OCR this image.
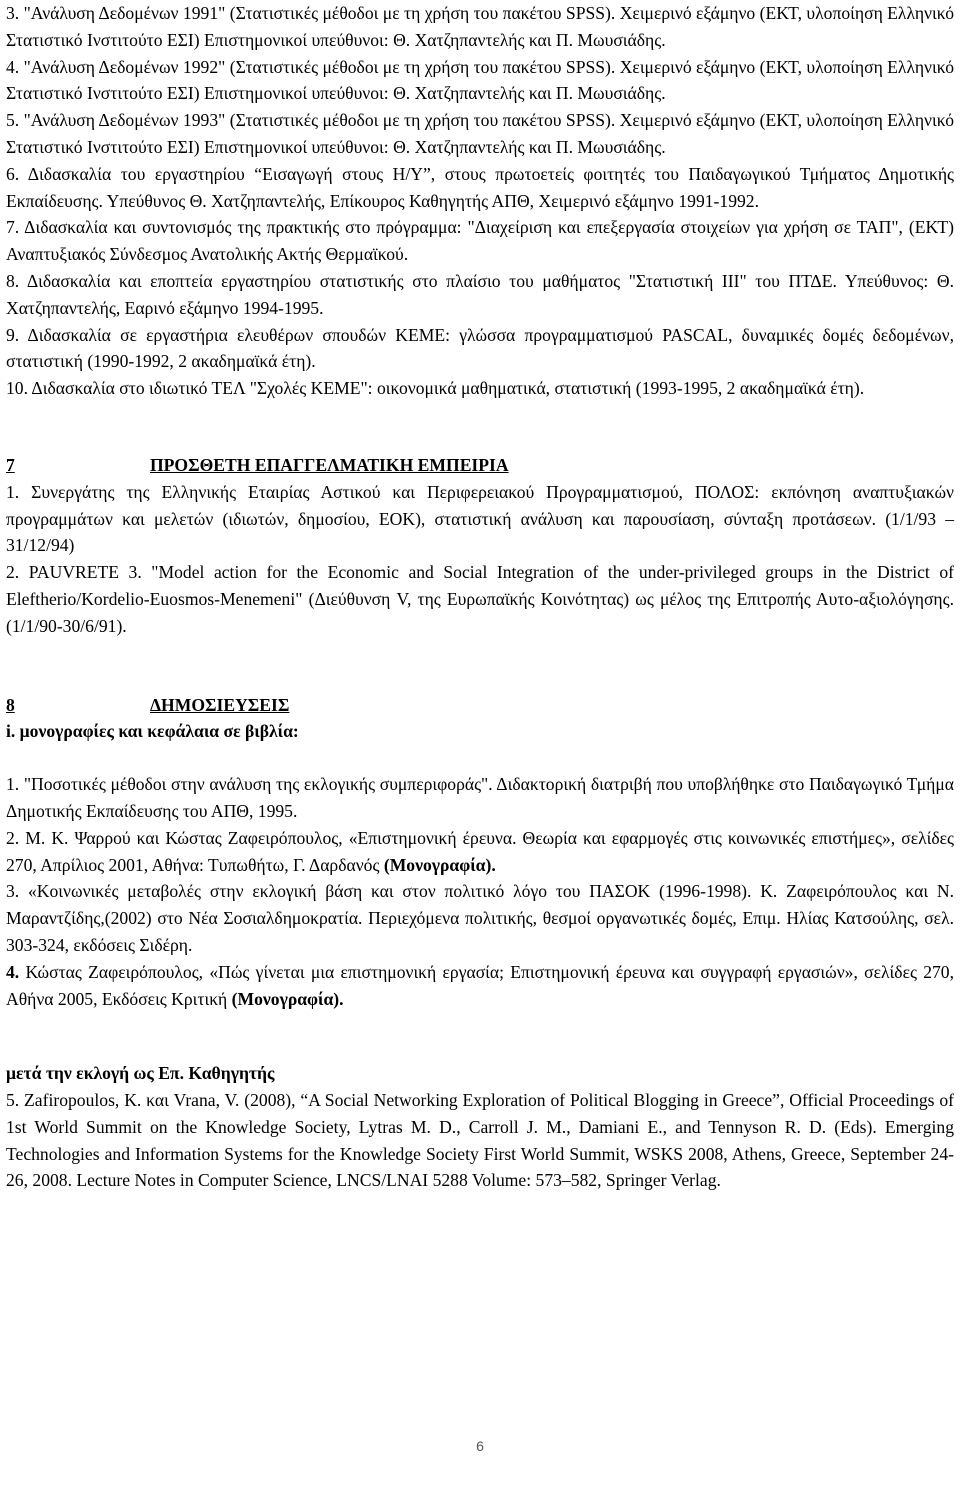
3. "Ανάλυση Δεδομένων 1991" (Στατιστικές μέθοδοι με τη χρήση του πακέτου SPSS). Χειμερινό εξάμηνο (ΕΚΤ, υλοποίηση Ελληνικό Στατιστικό Ινστιτούτο ΕΣΙ) Επιστημονικοί υπεύθυνοι: Θ. Χατζηπαντελής και Π. Μωυσιάδης.

4. "Ανάλυση Δεδομένων 1992" (Στατιστικές μέθοδοι με τη χρήση του πακέτου SPSS). Χειμερινό εξάμηνο (ΕΚΤ, υλοποίηση Ελληνικό Στατιστικό Ινστιτούτο ΕΣΙ) Επιστημονικοί υπεύθυνοι: Θ. Χατζηπαντελής και Π. Μωυσιάδης.

5. "Ανάλυση Δεδομένων 1993" (Στατιστικές μέθοδοι με τη χρήση του πακέτου SPSS). Χειμερινό εξάμηνο (ΕΚΤ, υλοποίηση Ελληνικό Στατιστικό Ινστιτούτο ΕΣΙ) Επιστημονικοί υπεύθυνοι: Θ. Χατζηπαντελής και Π. Μωυσιάδης.

6. Διδασκαλία του εργαστηρίου “Εισαγωγή στους Η/Υ”, στους πρωτοετείς φοιτητές του Παιδαγωγικού Τμήματος Δημοτικής Εκπαίδευσης. Υπεύθυνος Θ. Χατζηπαντελής, Επίκουρος Καθηγητής ΑΠΘ, Χειμερινό εξάμηνο 1991-1992.

7. Διδασκαλία και συντονισμός της πρακτικής στο πρόγραμμα: "Διαχείριση και επεξεργασία στοιχείων για χρήση σε ΤΑΠ", (ΕΚΤ) Αναπτυξιακός Σύνδεσμος Ανατολικής Ακτής Θερμαϊκού.

8. Διδασκαλία και εποπτεία εργαστηρίου στατιστικής στο πλαίσιο του μαθήματος "Στατιστική ΙΙΙ" του ΠΤΔΕ. Υπεύθυνος: Θ. Χατζηπαντελής, Εαρινό εξάμηνο 1994-1995.

9. Διδασκαλία σε εργαστήρια ελευθέρων σπουδών ΚΕΜΕ: γλώσσα προγραμματισμού PASCAL, δυναμικές δομές δεδομένων, στατιστική (1990-1992, 2 ακαδημαϊκά έτη).

10. Διδασκαλία στο ιδιωτικό ΤΕΛ "Σχολές ΚΕΜΕ": οικονομικά μαθηματικά, στατιστική (1993-1995, 2 ακαδημαϊκά έτη).

7	ΠΡΟΣΘΕΤΗ ΕΠΑΓΓΕΛΜΑΤΙΚΗ ΕΜΠΕΙΡΙΑ

1. Συνεργάτης της Ελληνικής Εταιρίας Αστικού και Περιφερειακού Προγραμματισμού, ΠΟΛΟΣ: εκπόνηση αναπτυξιακών προγραμμάτων και μελετών (ιδιωτών, δημοσίου, ΕΟΚ), στατιστική ανάλυση και παρουσίαση, σύνταξη προτάσεων. (1/1/93 – 31/12/94)

2. PAUVRETE 3. "Model action for the Economic and Social Integration of the under-privileged groups in the District of Eleftherio/Kordelio-Euosmos-Menemeni" (Διεύθυνση V, της Ευρωπαϊκής Κοινότητας) ως μέλος της Επιτροπής Αυτο-αξιολόγησης. (1/1/90-30/6/91).

8	ΔΗΜΟΣΙΕΥΣΕΙΣ
i. μονογραφίες και κεφάλαια σε βιβλία:

1. "Ποσοτικές μέθοδοι στην ανάλυση της εκλογικής συμπεριφοράς". Διδακτορική διατριβή που υποβλήθηκε στο Παιδαγωγικό Τμήμα Δημοτικής Εκπαίδευσης του ΑΠΘ, 1995.

2. Μ. Κ. Ψαρρού και Κώστας Ζαφειρόπουλος, «Επιστημονική έρευνα. Θεωρία και εφαρμογές στις κοινωνικές επιστήμες», σελίδες 270, Απρίλιος 2001, Αθήνα: Τυπωθήτω, Γ. Δαρδανός (Μονογραφία).

3. «Κοινωνικές μεταβολές στην εκλογική βάση και στον πολιτικό λόγο του ΠΑΣΟΚ (1996-1998). Κ. Ζαφειρόπουλος και Ν. Μαραντζίδης,(2002) στο Νέα Σοσιαλδημοκρατία. Περιεχόμενα πολιτικής, θεσμοί οργανωτικές δομές, Επιμ. Ηλίας Κατσούλης, σελ. 303-324, εκδόσεις Σιδέρη.

4. Κώστας Ζαφειρόπουλος, «Πώς γίνεται μια επιστημονική εργασία; Επιστημονική έρευνα και συγγραφή εργασιών», σελίδες 270, Αθήνα 2005, Εκδόσεις Κριτική (Μονογραφία).

μετά την εκλογή ως Επ. Καθηγητής

5. Zafiropoulos, K. και Vrana, V. (2008), “A Social Networking Exploration of Political Blogging in Greece”, Official Proceedings of 1st World Summit on the Knowledge Society, Lytras M. D., Carroll J. M., Damiani E., and Tennyson R. D. (Eds). Emerging Technologies and Information Systems for the Knowledge Society First World Summit, WSKS 2008, Athens, Greece, September 24-26, 2008. Lecture Notes in Computer Science, LNCS/LNAI 5288 Volume: 573–582, Springer Verlag.

6
